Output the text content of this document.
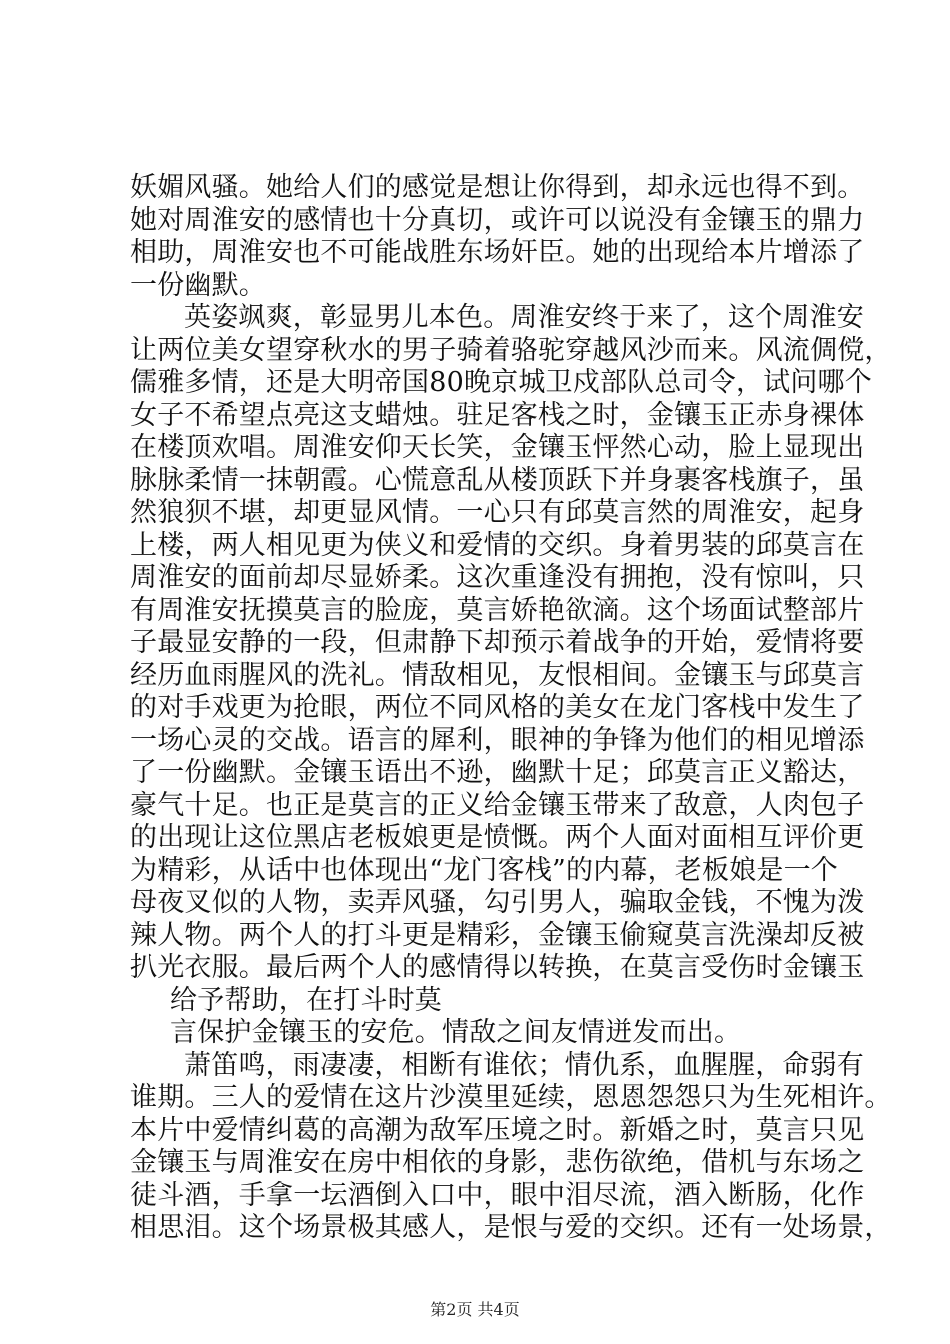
妖媚风骚。她给人们的感觉是想让你得到，却永远也得不到。
她对周淮安的感情也十分真切，或许可以说没有金镶玉的鼎力
相助，周淮安也不可能战胜东场奸臣。她的出现给本片增添了
一份幽默。
英姿飒爽，彰显男儿本色。周淮安终于来了，这个周淮安
让两位美女望穿秋水的男子骑着骆驼穿越风沙而来。风流倜傥，
儒雅多情，还是大明帝国80晚京城卫戍部队总司令，试问哪个
女子不希望点亮这支蜡烛。驻足客栈之时，金镶玉正赤身裸体
在楼顶欢唱。周淮安仰天长笑，金镶玉怦然心动，脸上显现出
脉脉柔情一抹朝霞。心慌意乱从楼顶跃下并身裹客栈旗子，虽
然狼狈不堪，却更显风情。一心只有邱莫言然的周淮安，起身
上楼，两人相见更为侠义和爱情的交织。身着男装的邱莫言在
周淮安的面前却尽显娇柔。这次重逢没有拥抱，没有惊叫，只
有周淮安抚摸莫言的脸庞，莫言娇艳欲滴。这个场面试整部片
子最显安静的一段，但肃静下却预示着战争的开始，爱情将要
经历血雨腥风的洗礼。情敌相见，友恨相间。金镶玉与邱莫言
的对手戏更为抢眼，两位不同风格的美女在龙门客栈中发生了
一场心灵的交战。语言的犀利，眼神的争锋为他们的相见增添
了一份幽默。金镶玉语出不逊，幽默十足；邱莫言正义豁达，
豪气十足。也正是莫言的正义给金镶玉带来了敌意，人肉包子
的出现让这位黑店老板娘更是愤慨。两个人面对面相互评价更
为精彩，从话中也体现出“龙门客栈”的内幕，老板娘是一个
母夜叉似的人物，卖弄风骚，勾引男人，骗取金钱，不愧为泼
辣人物。两个人的打斗更是精彩，金镶玉偷窥莫言洗澡却反被
扒光衣服。最后两个人的感情得以转换，在莫言受伤时金镶玉
给予帮助，在打斗时莫
言保护金镶玉的安危。情敌之间友情迸发而出。
萧笛鸣，雨凄凄，相断有谁依；情仇系，血腥腥，命弱有
谁期。三人的爱情在这片沙漠里延续，恩恩怨怨只为生死相许。
本片中爱情纠葛的高潮为敌军压境之时。新婚之时，莫言只见
金镶玉与周淮安在房中相依的身影，悲伤欲绝，借机与东场之
徒斗酒，手拿一坛酒倒入口中，眼中泪尽流，酒入断肠，化作
相思泪。这个场景极其感人，是恨与爱的交织。还有一处场景，
第2页 共4页
